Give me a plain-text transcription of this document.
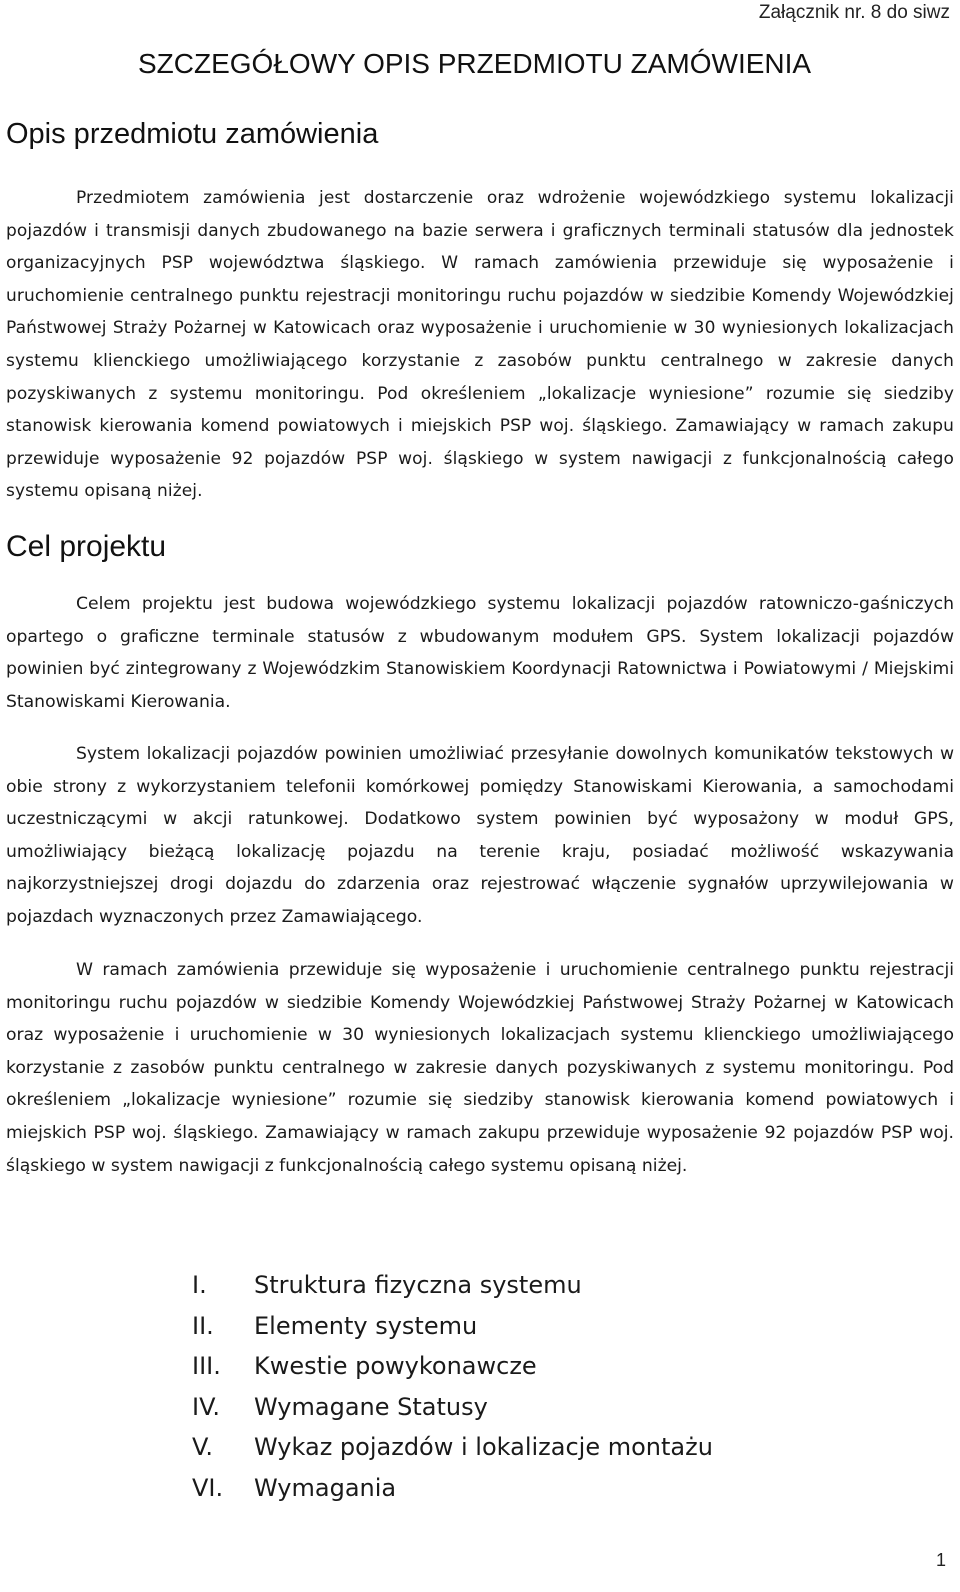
Załącznik nr. 8 do siwz
SZCZEGÓŁOWY OPIS PRZEDMIOTU ZAMÓWIENIA
Opis przedmiotu zamówienia
Przedmiotem zamówienia jest dostarczenie oraz wdrożenie wojewódzkiego systemu lokalizacji pojazdów i transmisji danych zbudowanego na bazie serwera i graficznych terminali statusów dla jednostek organizacyjnych PSP województwa śląskiego. W ramach zamówienia przewiduje się wyposażenie i uruchomienie centralnego punktu rejestracji monitoringu ruchu pojazdów w siedzibie Komendy Wojewódzkiej Państwowej Straży Pożarnej w Katowicach oraz wyposażenie i uruchomienie w 30 wyniesionych lokalizacjach systemu klienckiego umożliwiającego korzystanie z zasobów punktu centralnego w zakresie danych pozyskiwanych z systemu monitoringu. Pod określeniem „lokalizacje wyniesione” rozumie się siedziby stanowisk kierowania komend powiatowych i miejskich PSP woj. śląskiego. Zamawiający w ramach zakupu przewiduje wyposażenie 92 pojazdów PSP woj. śląskiego w system nawigacji z funkcjonalnością całego systemu opisaną niżej.
Cel projektu
Celem projektu jest budowa wojewódzkiego systemu lokalizacji pojazdów ratowniczo-gaśniczych opartego o graficzne terminale statusów z wbudowanym modułem GPS. System lokalizacji pojazdów powinien być zintegrowany z Wojewódzkim Stanowiskiem Koordynacji Ratownictwa i Powiatowymi / Miejskimi Stanowiskami Kierowania.
System lokalizacji pojazdów powinien umożliwiać przesyłanie dowolnych komunikatów tekstowych w obie strony z wykorzystaniem telefonii komórkowej pomiędzy Stanowiskami Kierowania, a samochodami uczestniczącymi w akcji ratunkowej. Dodatkowo system powinien być wyposażony w moduł GPS, umożliwiający bieżącą lokalizację pojazdu na terenie kraju, posiadać możliwość wskazywania najkorzystniejszej drogi dojazdu do zdarzenia oraz rejestrować włączenie sygnałów uprzywilejowania w pojazdach wyznaczonych przez Zamawiającego.
W ramach zamówienia przewiduje się wyposażenie i uruchomienie centralnego punktu rejestracji monitoringu ruchu pojazdów w siedzibie Komendy Wojewódzkiej Państwowej Straży Pożarnej w Katowicach oraz wyposażenie i uruchomienie w 30 wyniesionych lokalizacjach systemu klienckiego umożliwiającego korzystanie z zasobów punktu centralnego w zakresie danych pozyskiwanych z systemu monitoringu. Pod określeniem „lokalizacje wyniesione” rozumie się siedziby stanowisk kierowania komend powiatowych i miejskich PSP woj. śląskiego. Zamawiający w ramach zakupu przewiduje wyposażenie 92 pojazdów PSP woj. śląskiego w system nawigacji z funkcjonalnością całego systemu opisaną niżej.
I. Struktura fizyczna systemu
II. Elementy systemu
III. Kwestie powykonawcze
IV. Wymagane Statusy
V. Wykaz pojazdów i lokalizacje montażu
VI. Wymagania
1
